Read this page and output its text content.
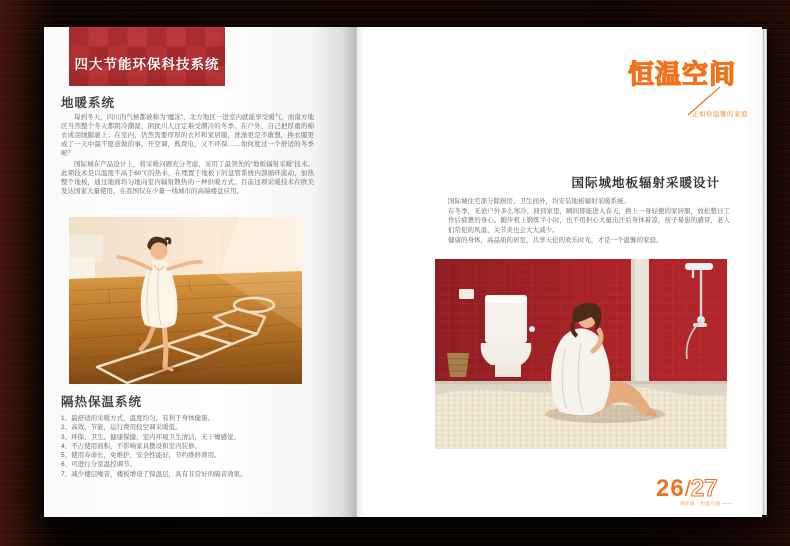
四大节能环保科技系统
地暖系统
每到冬天，四川的气候都被称为“魔冻”，北方地区一进室内就能享受暖气，而南方地区当然整个冬天都阴冷潮湿，困扰川人注定难受潮冷的冬季。在户外，自己把厚重的棉衣或羽绒服裹上；在室内，仍然需要厚厚的衣衫和家居服，洗澡更是不敢想，换衣服更成了一天中最不愿意做的事。开空调，既费电，又不环保……如何度过一个舒适的冬季呢？
国际城在产品设计上，将采暖问题充分考虑，采用了最领先的“地板辐射采暖”技术。此项技术是以温度不高于60℃的热水，在埋置于地板下的盘管系统内部循环流动，加热整个地板，通过地面均匀地向室内辐射散热的一种供暖方式。目前这项采暖技术在欧美发达国家大量使用，在我国仅在少量一线城市的高端楼盘应用。
隔热保温系统
1、最舒适的采暖方式，温度均匀，有利于身体健康。
2、高效、节能，运行费用较空调采暖低。
3、环保、卫生、健康保健，室内环境卫生清洁，无干燥感觉。
4、不占使用面积，不影响家具摆设和室内装修。
5、使用寿命长，免维护，安全性能好，节约维修费用。
6、可进行分室温控调节。
7、减少楼层噪音，楼板增设了保温层，具有非常好的隔音效果。
恒温空间
正如你温馨的家庭
国际城地板辐射采暖设计

国际城住宅部分除厨房、卫生间外，均安装地板辐射采暖系统。

在冬季，无论户外多么寒冷，回到家里，瞬间即能进入春天，换上一身轻便的家居服，放松整日工作后疲惫的身心。跑步机上锻炼半小时，也不用担心大量出汗后身体着凉，孩子易患的感冒，老人们常犯的风湿、关节炎也会大大减少。

健康的身体，高品质的居室，共享天伦的欢乐时光，才是一个温馨的家庭。

26/27
国际城 · 恒温空间 ——
